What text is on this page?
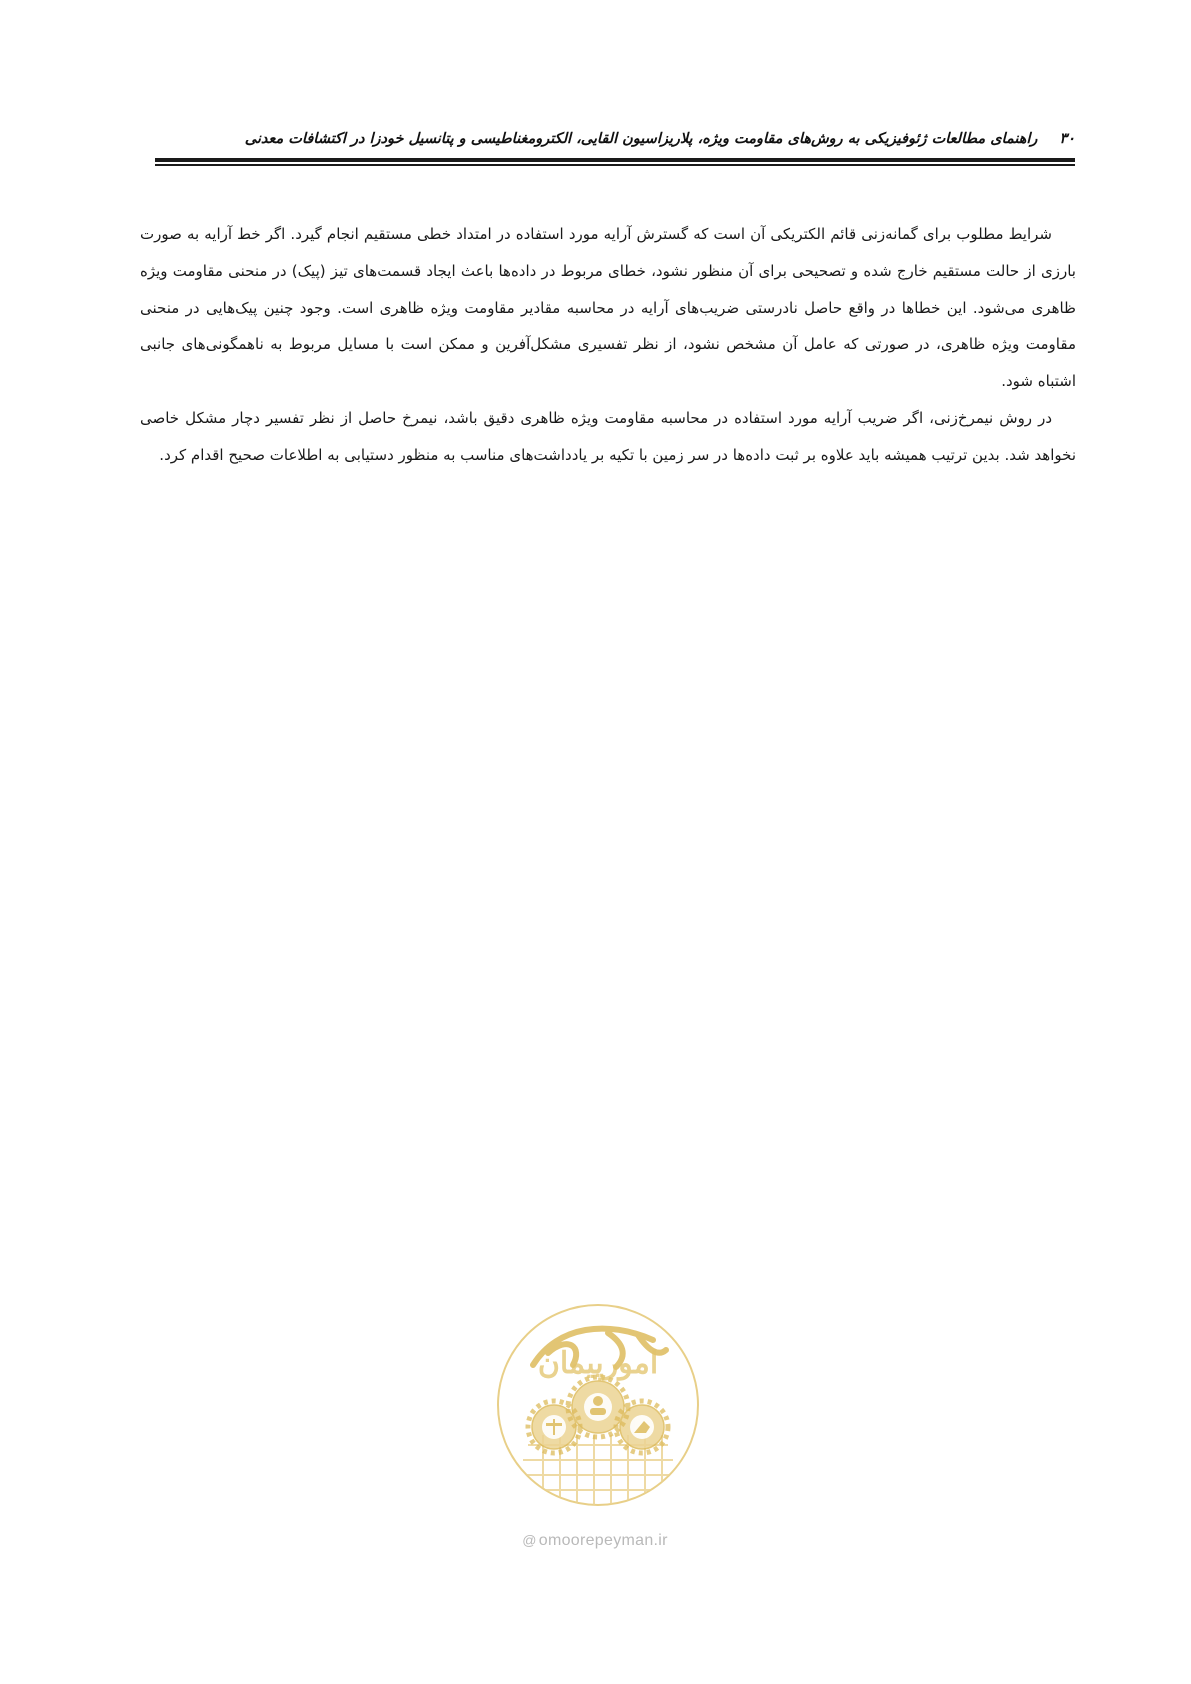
۳۰راهنمای مطالعات ژئوفیزیکی به روش‌های مقاومت ویژه، پلاریزاسیون القایی، الکترومغناطیسی و پتانسیل خودزا در اکتشافات معدنی

شرایط مطلوب برای گمانه‌زنی قائم الکتریکی آن است که گسترش آرایه مورد استفاده در امتداد خطی مستقیم انجام گیرد. اگر خط آرایه به صورت بارزی از حالت مستقیم خارج شده و تصحیحی برای آن منظور نشود، خطای مربوط در داده‌ها باعث ایجاد قسمت‌های تیز (پیک) در منحنی مقاومت ویژه ظاهری می‌شود. این خطاها در واقع حاصل نادرستی ضریب‌های آرایه در محاسبه مقادیر مقاومت ویژه ظاهری است. وجود چنین پیک‌هایی در منحنی مقاومت ویژه ظاهری، در صورتی که عامل آن مشخص نشود، از نظر تفسیری مشکل‌آفرین و ممکن است با مسایل مربوط به ناهمگونی‌های جانبی اشتباه شود.

در روش نیمرخ‌زنی، اگر ضریب آرایه مورد استفاده در محاسبه مقاومت ویژه ظاهری دقیق باشد، نیمرخ حاصل از نظر تفسیر دچار مشکل خاصی نخواهد شد. بدین ترتیب همیشه باید علاوه بر ثبت داده‌ها در سر زمین با تکیه بر یادداشت‌های مناسب به منظور دستیابی به اطلاعات صحیح اقدام کرد.

امورپیمان
@ omoorepeyman.ir
